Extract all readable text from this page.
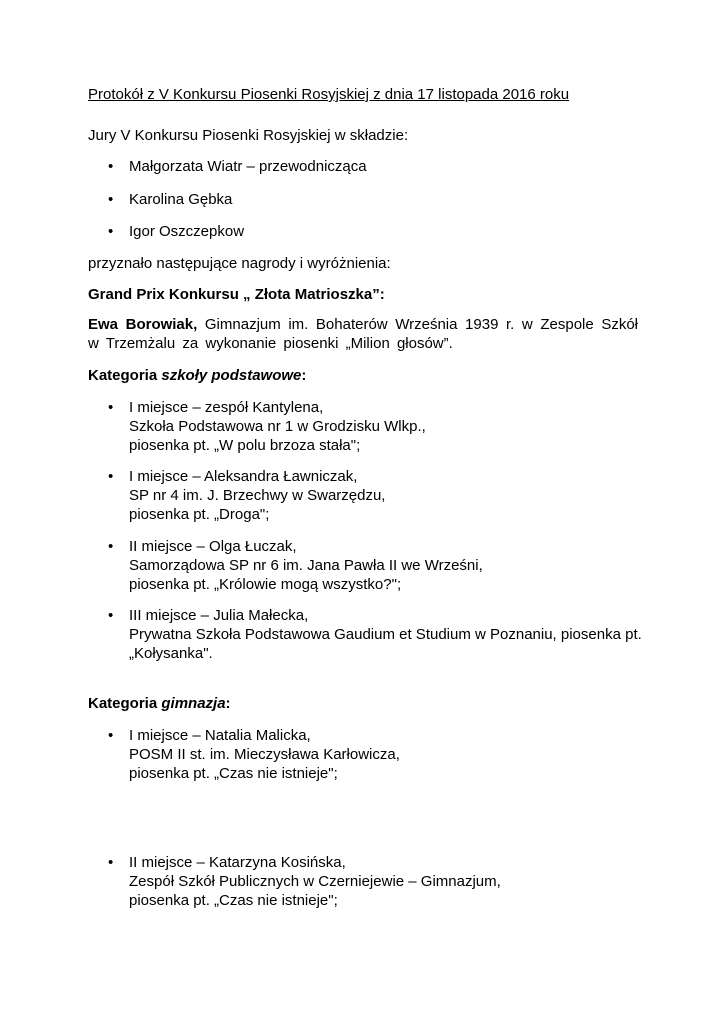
Protokół z V Konkursu Piosenki Rosyjskiej z dnia 17 listopada 2016 roku
Jury V Konkursu Piosenki Rosyjskiej w składzie:
• Małgorzata Wiatr – przewodnicząca
• Karolina Gębka
• Igor Oszczepkow
przyznało następujące nagrody i wyróżnienia:
Grand Prix Konkursu „ Złota Matrioszka”:
Ewa Borowiak, Gimnazjum im. Bohaterów Września 1939 r. w Zespole Szkół w Trzemżalu za wykonanie piosenki „Milion głosów”.
Kategoria szkoły podstawowe:
• I miejsce – zespół Kantylena,
Szkoła Podstawowa nr 1 w Grodzisku Wlkp.,
piosenka pt. „W polu brzoza stała";
• I miejsce – Aleksandra Ławniczak,
SP nr 4 im. J. Brzechwy w Swarzędzu,
piosenka pt. „Droga";
• II miejsce – Olga Łuczak,
Samorządowa SP nr 6 im. Jana Pawła II we Wrześni,
piosenka pt. „Królowie mogą wszystko?";
• III miejsce – Julia Małecka,
Prywatna Szkoła Podstawowa Gaudium et Studium w Poznaniu, piosenka pt.
„Kołysanka".
Kategoria gimnazja:
• I miejsce – Natalia Malicka,
POSM II st. im. Mieczysława Karłowicza,
piosenka pt. „Czas nie istnieje";
• II miejsce – Katarzyna Kosińska,
Zespół Szkół Publicznych w Czerniejewie – Gimnazjum,
piosenka pt. „Czas nie istnieje";
